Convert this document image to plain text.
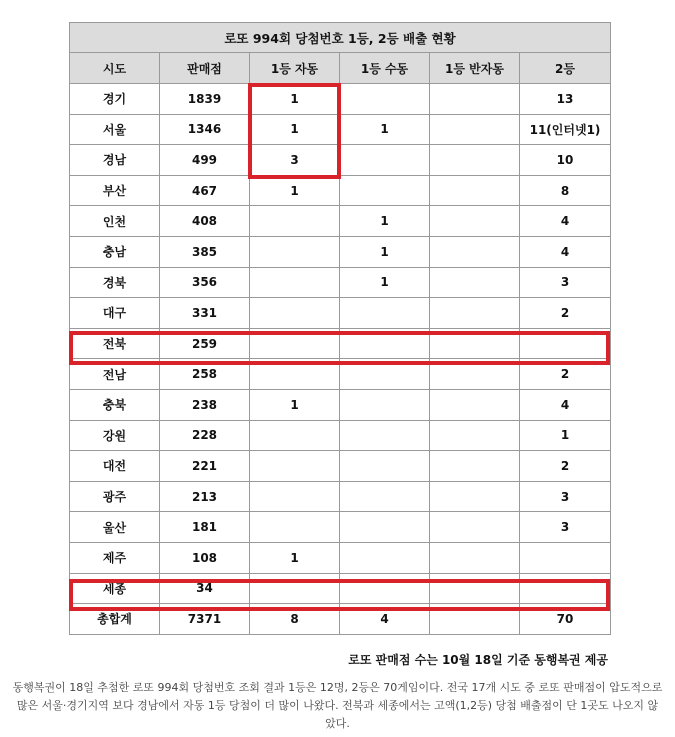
로또 994회 당첨번호 1등, 2등 배출 현황					
시도	판매점	1등 자동	1등 수동	1등 반자동	2등
경기	1839	1			13
서울	1346	1	1		11(인터넷1)
경남	499	3			10
부산	467	1			8
인천	408		1		4
충남	385		1		4
경북	356		1		3
대구	331				2
전북	259				
전남	258				2
충북	238	1			4
강원	228				1
대전	221				2
광주	213				3
울산	181				3
제주	108	1			
세종	34				
총합계	7371	8	4		70
로또 판매점 수는 10월 18일 기준 동행복권 제공
동행복권이 18일 추첨한 로또 994회 당첨번호 조회 결과 1등은 12명, 2등은 70게임이다. 전국 17개 시도 중 로또 판매점이 압도적으로 많은 서울·경기지역 보다 경남에서 자동 1등 당첨이 더 많이 나왔다. 전북과 세종에서는 고액(1,2등) 당첨 배출점이 단 1곳도 나오지 않았다.
